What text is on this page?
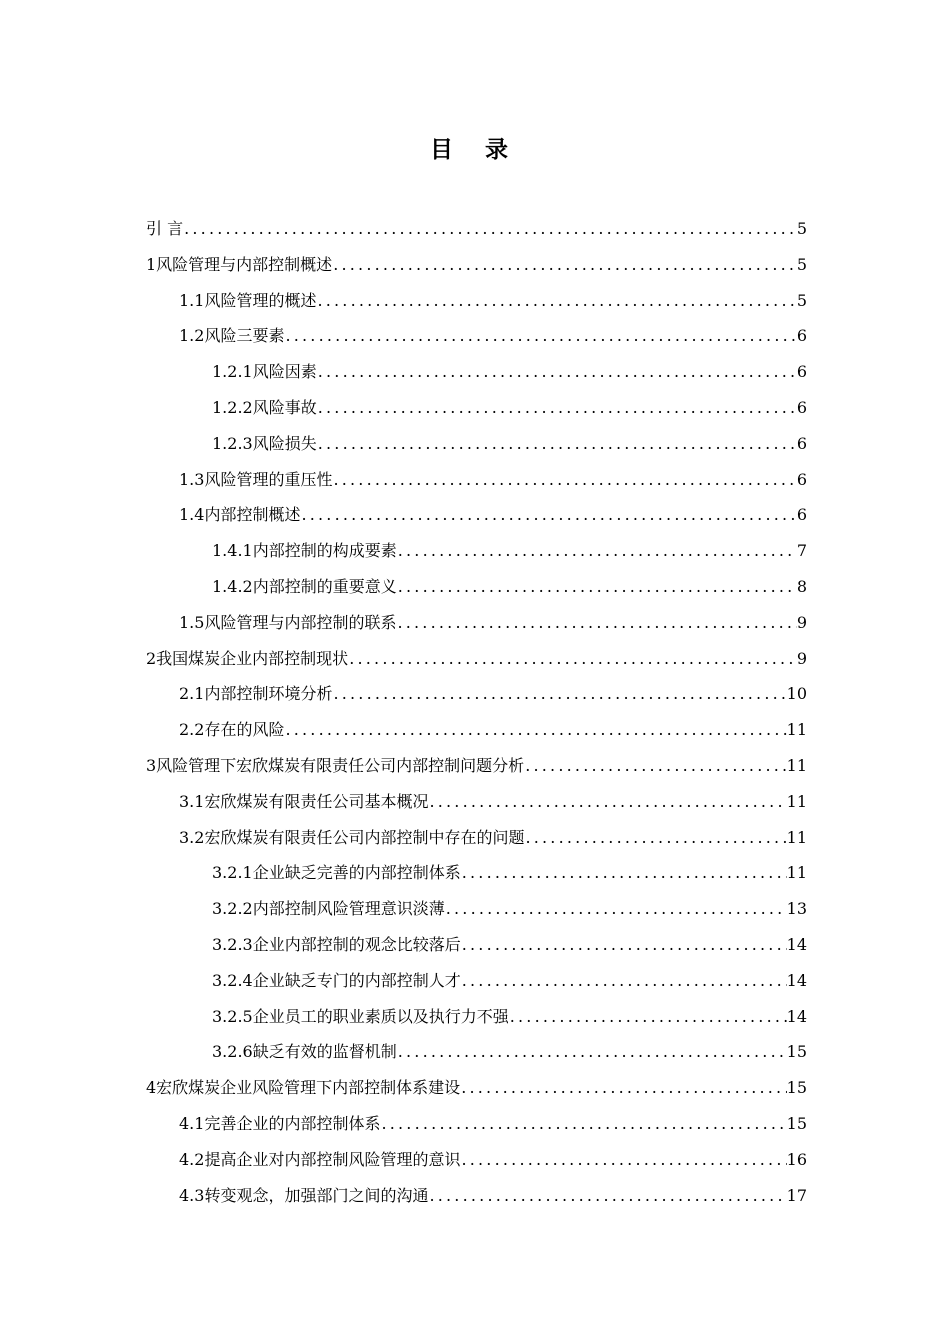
目 录
引 言 .....	5
1风险管理与内部控制概述 .....	5
1.1风险管理的概述 .....	5
1.2风险三要素 .....	6
1.2.1风险因素 .....	6
1.2.2风险事故 .....	6
1.2.3风险损失 .....	6
1.3风险管理的重压性 .....	6
1.4内部控制概述 .....	6
1.4.1内部控制的构成要素 .....	7
1.4.2内部控制的重要意义 .....	8
1.5风险管理与内部控制的联系 .....	9
2我国煤炭企业内部控制现状 .....	9
2.1内部控制环境分析 .....	10
2.2存在的风险 .....	11
3风险管理下宏欣煤炭有限责任公司内部控制问题分析 .....	11
3.1宏欣煤炭有限责任公司基本概况 .....	11
3.2宏欣煤炭有限责任公司内部控制中存在的问题 .....	11
3.2.1企业缺乏完善的内部控制体系 .....	11
3.2.2内部控制风险管理意识淡薄 .....	13
3.2.3企业内部控制的观念比较落后 .....	14
3.2.4企业缺乏专门的内部控制人才 .....	14
3.2.5企业员工的职业素质以及执行力不强 .....	14
3.2.6缺乏有效的监督机制 .....	15
4宏欣煤炭企业风险管理下内部控制体系建设 .....	15
4.1完善企业的内部控制体系 .....	15
4.2提高企业对内部控制风险管理的意识 .....	16
4.3转变观念，加强部门之间的沟通 .....	17
